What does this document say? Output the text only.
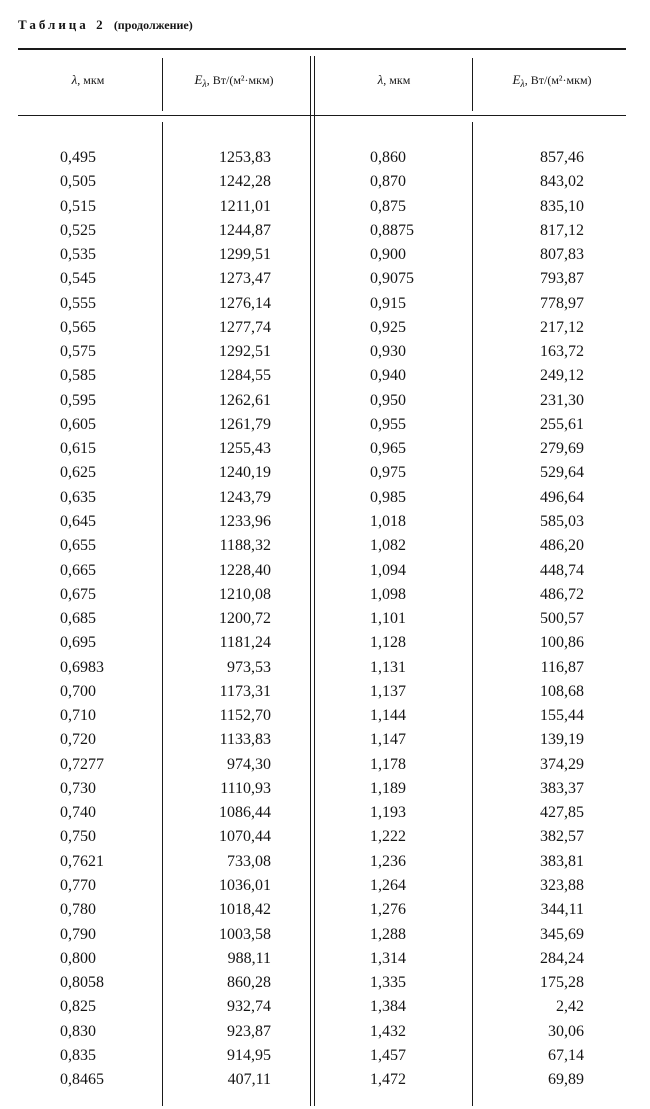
Таблица 2 (продолжение)
λ, мкм	$E_\lambda$, Вт/(м²·мкм)	λ, мкм	$E_\lambda$, Вт/(м²·мкм)
0,495	1253,83	0,860	857,46
0,505	1242,28	0,870	843,02
0,515	1211,01	0,875	835,10
0,525	1244,87	0,8875	817,12
0,535	1299,51	0,900	807,83
0,545	1273,47	0,9075	793,87
0,555	1276,14	0,915	778,97
0,565	1277,74	0,925	217,12
0,575	1292,51	0,930	163,72
0,585	1284,55	0,940	249,12
0,595	1262,61	0,950	231,30
0,605	1261,79	0,955	255,61
0,615	1255,43	0,965	279,69
0,625	1240,19	0,975	529,64
0,635	1243,79	0,985	496,64
0,645	1233,96	1,018	585,03
0,655	1188,32	1,082	486,20
0,665	1228,40	1,094	448,74
0,675	1210,08	1,098	486,72
0,685	1200,72	1,101	500,57
0,695	1181,24	1,128	100,86
0,6983	973,53	1,131	116,87
0,700	1173,31	1,137	108,68
0,710	1152,70	1,144	155,44
0,720	1133,83	1,147	139,19
0,7277	974,30	1,178	374,29
0,730	1110,93	1,189	383,37
0,740	1086,44	1,193	427,85
0,750	1070,44	1,222	382,57
0,7621	733,08	1,236	383,81
0,770	1036,01	1,264	323,88
0,780	1018,42	1,276	344,11
0,790	1003,58	1,288	345,69
0,800	988,11	1,314	284,24
0,8058	860,28	1,335	175,28
0,825	932,74	1,384	2,42
0,830	923,87	1,432	30,06
0,835	914,95	1,457	67,14
0,8465	407,11	1,472	69,89
